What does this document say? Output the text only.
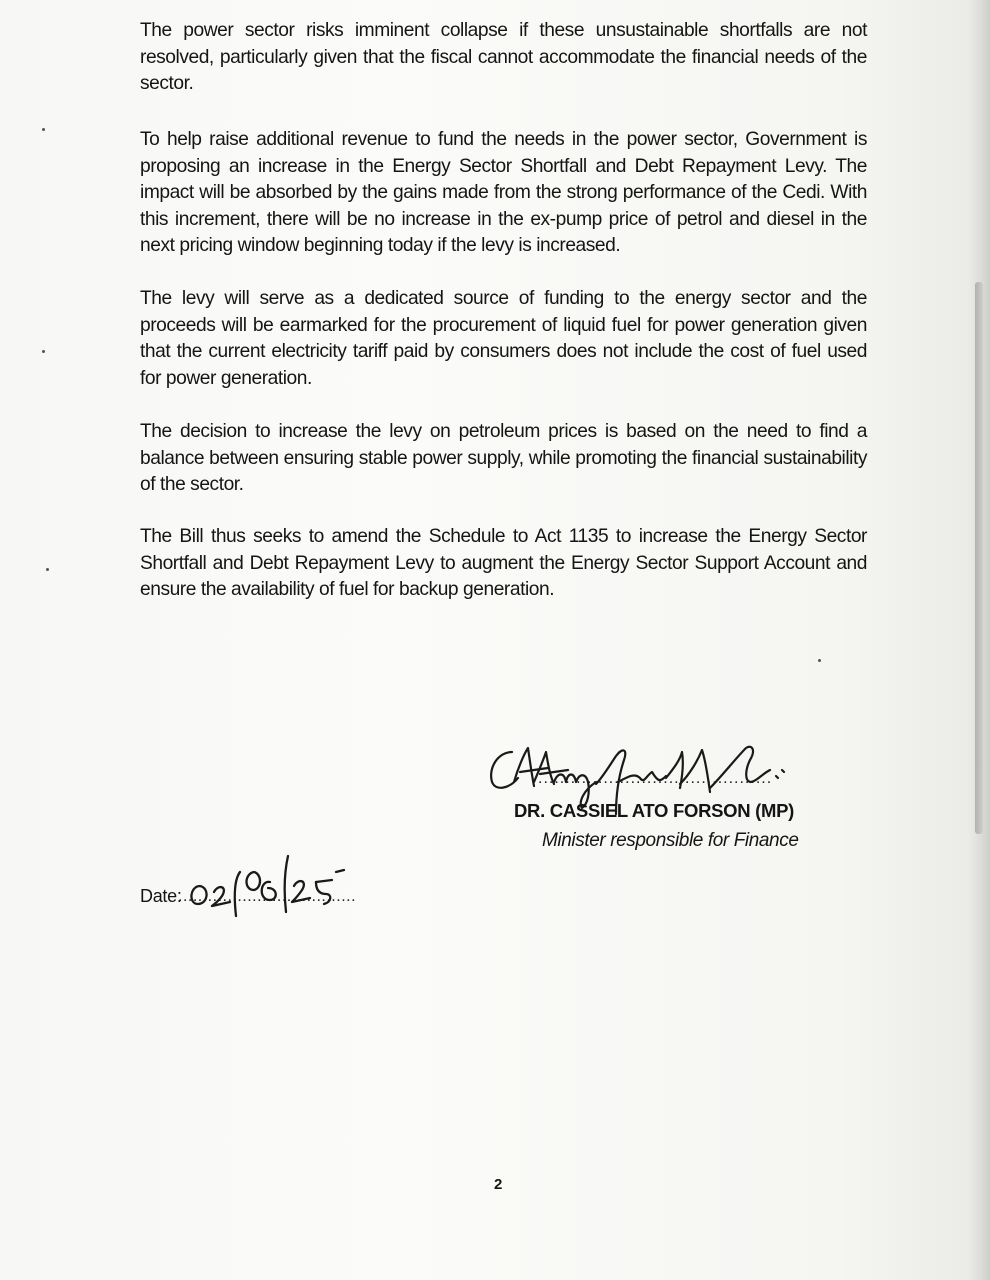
The power sector risks imminent collapse if these unsustainable shortfalls are not resolved, particularly given that the fiscal cannot accommodate the financial needs of the sector.

To help raise additional revenue to fund the needs in the power sector, Government is proposing an increase in the Energy Sector Shortfall and Debt Repayment Levy. The impact will be absorbed by the gains made from the strong performance of the Cedi. With this increment, there will be no increase in the ex-pump price of petrol and diesel in the next pricing window beginning today if the levy is increased.

The levy will serve as a dedicated source of funding to the energy sector and the proceeds will be earmarked for the procurement of liquid fuel for power generation given that the current electricity tariff paid by consumers does not include the cost of fuel used for power generation.

The decision to increase the levy on petroleum prices is based on the need to find a balance between ensuring stable power supply, while promoting the financial sustainability of the sector.

The Bill thus seeks to amend the Schedule to Act 1135 to increase the Energy Sector Shortfall and Debt Repayment Levy to augment the Energy Sector Support Account and ensure the availability of fuel for backup generation.

...........................................
DR. CASSIEL ATO FORSON (MP)
Minister responsible for Finance
Date:
....................................
2
